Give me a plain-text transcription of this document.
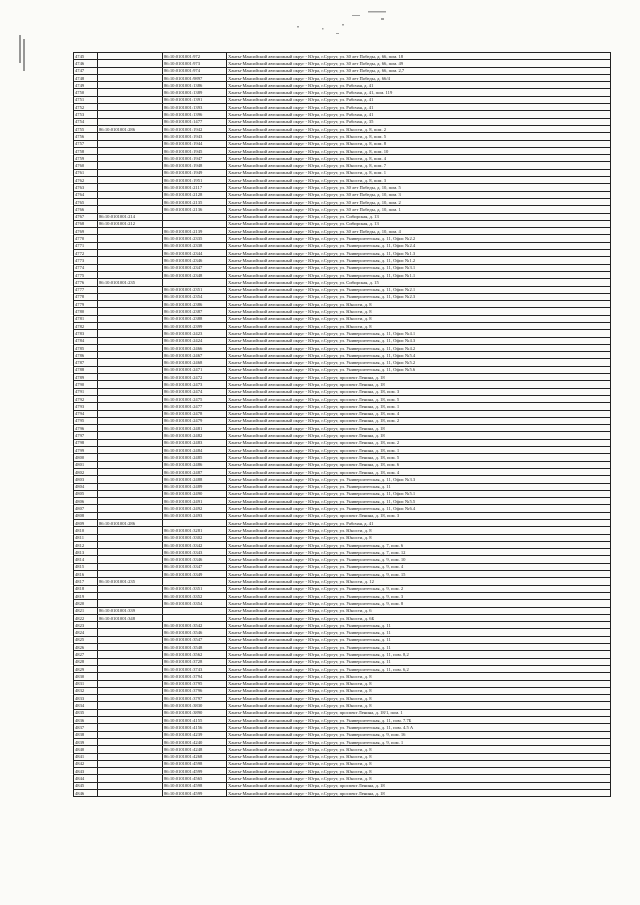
4745		86:10:0101001:972	Ханты-Мансийский автономный округ - Югра, г.Сургут, ул. 30 лет Победы, д. 66, пом. 18
4746		86:10:0101001:973	Ханты-Мансийский автономный округ - Югра, г.Сургут, ул. 30 лет Победы, д. 66, пом. 49
4747		86:10:0101001:974	Ханты-Мансийский автономный округ - Югра, г.Сургут, ул. 30 лет Победы, д. 66, пом. 2,7
4748		86:10:0101001:9897	Ханты-Мансийский автономный округ - Югра, г.Сургут, ул. 30 лет Победы, д. 66/4
4749		86:10:0101001:1386	Ханты-Мансийский автономный округ - Югра, г.Сургут, ул. Рабочая, д. 41
4750		86:10:0101001:1389	Ханты-Мансийский автономный округ - Югра, г.Сургут, ул. Рабочая, д. 41, пом. 119
4751		86:10:0101001:1391	Ханты-Мансийский автономный округ - Югра, г.Сургут, ул. Рабочая, д. 41
4752		86:10:0101001:1393	Ханты-Мансийский автономный округ - Югра, г.Сургут, ул. Рабочая, д. 41
4753		86:10:0101001:1396	Ханты-Мансийский автономный округ - Югра, г.Сургут, ул. Рабочая, д. 41
4754		86:10:0101001:1477	Ханты-Мансийский автономный округ - Югра, г.Сургут, ул. Рабочая, д. 35
4755	86:10:0101001:286	86:10:0101001:1942	Ханты-Мансийский автономный округ - Югра, г.Сургут, ул. Юности, д. 8, пом. 2
4756		86:10:0101001:1943	Ханты-Мансийский автономный округ - Югра, г.Сургут, ул. Юности, д. 8, пом. 5
4757		86:10:0101001:1944	Ханты-Мансийский автономный округ - Югра, г.Сургут, ул. Юности, д. 8, пом. 8
4758		86:10:0101001:1945	Ханты-Мансийский автономный округ - Югра, г.Сургут, ул. Юности, д. 8, пом. 10
4759		86:10:0101001:1947	Ханты-Мансийский автономный округ - Югра, г.Сургут, ул. Юности, д. 8, пом. 4
4760		86:10:0101001:1948	Ханты-Мансийский автономный округ - Югра, г.Сургут, ул. Юности, д. 8, пом. 7
4761		86:10:0101001:1949	Ханты-Мансийский автономный округ - Югра, г.Сургут, ул. Юности, д. 8, пом. 1
4762		86:10:0101001:1951	Ханты-Мансийский автономный округ - Югра, г.Сургут, ул. Юности, д. 8, пом. 3
4763		86:10:0101001:2117	Ханты-Мансийский автономный округ - Югра, г.Сургут, ул. 30 лет Победы, д. 10, пом. 5
4764		86:10:0101001:2128	Ханты-Мансийский автономный округ - Югра, г.Сургут, ул. 30 лет Победы, д. 10, пом. 3
4765		86:10:0101001:2135	Ханты-Мансийский автономный округ - Югра, г.Сургут, ул. 30 лет Победы, д. 10, пом. 2
4766		86:10:0101001:2136	Ханты-Мансийский автономный округ - Югра, г.Сургут, ул. 30 лет Победы, д. 10, пом. 1
4767	86:10:0101001:214		Ханты-Мансийский автономный округ - Югра, г.Сургут, ул. Сибирская, д. 13
4768	86:10:0101001:212		Ханты-Мансийский автономный округ - Югра, г.Сургут, ул. Сибирская, д. 13
4769		86:10:0101001:2139	Ханты-Мансийский автономный округ - Югра, г.Сургут, ул. 30 лет Победы, д. 10, пом. 4
4770		86:10:0101001:2335	Ханты-Мансийский автономный округ - Югра, г.Сургут, ул. Университетская, д. 11, Офис №2.2
4771		86:10:0101001:2338	Ханты-Мансийский автономный округ - Югра, г.Сургут, ул. Университетская, д. 11, Офис №2.4
4772		86:10:0101001:2344	Ханты-Мансийский автономный округ - Югра, г.Сургут, ул. Университетская, д. 11, Офис №1.3
4773		86:10:0101001:2346	Ханты-Мансийский автономный округ - Югра, г.Сургут, ул. Университетская, д. 11, Офис №1.2
4774		86:10:0101001:2347	Ханты-Мансийский автономный округ - Югра, г.Сургут, ул. Университетская, д. 11, Офис №3.1
4775		86:10:0101001:2348	Ханты-Мансийский автономный округ - Югра, г.Сургут, ул. Университетская, д. 11, Офис №1.1
4776	86:10:0101001:235		Ханты-Мансийский автономный округ - Югра, г.Сургут, ул. Сибирская, д. 15
4777		86:10:0101001:2351	Ханты-Мансийский автономный округ - Югра, г.Сургут, ул. Университетская, д. 11, Офис №2.1
4778		86:10:0101001:2354	Ханты-Мансийский автономный округ - Югра, г.Сургут, ул. Университетская, д. 11, Офис №2.3
4779		86:10:0101001:2386	Ханты-Мансийский автономный округ - Югра, г.Сургут, ул. Юности, д. 8
4780		86:10:0101001:2387	Ханты-Мансийский автономный округ - Югра, г.Сургут, ул. Юности, д. 8
4781		86:10:0101001:2388	Ханты-Мансийский автономный округ - Югра, г.Сургут, ул. Юности, д. 8
4782		86:10:0101001:2399	Ханты-Мансийский автономный округ - Югра, г.Сургут, ул. Юности, д. 8
4783		86:10:0101001:2423	Ханты-Мансийский автономный округ - Югра, г.Сургут, ул. Университетская, д. 11, Офис №4.1
4784		86:10:0101001:2424	Ханты-Мансийский автономный округ - Югра, г.Сургут, ул. Университетская, д. 11, Офис №4.3
4785		86:10:0101001:2466	Ханты-Мансийский автономный округ - Югра, г.Сургут, ул. Университетская, д. 11, Офис №4.2
4786		86:10:0101001:2467	Ханты-Мансийский автономный округ - Югра, г.Сургут, ул. Университетская, д. 11, Офис №5.4
4787		86:10:0101001:2468	Ханты-Мансийский автономный округ - Югра, г.Сургут, ул. Университетская, д. 11, Офис №5.2
4788		86:10:0101001:2471	Ханты-Мансийский автономный округ - Югра, г.Сургут, ул. Университетская, д. 11, Офис №5.6
4789		86:10:0101001:2472	Ханты-Мансийский автономный округ - Югра, г.Сургут, проспект Ленина, д. 18
4790		86:10:0101001:2473	Ханты-Мансийский автономный округ - Югра, г.Сургут, проспект Ленина, д. 18
4791		86:10:0101001:2474	Ханты-Мансийский автономный округ - Югра, г.Сургут, проспект Ленина, д. 18, пом. 3
4792		86:10:0101001:2475	Ханты-Мансийский автономный округ - Югра, г.Сургут, проспект Ленина, д. 18, пом. 5
4793		86:10:0101001:2477	Ханты-Мансийский автономный округ - Югра, г.Сургут, проспект Ленина, д. 18, пом. 1
4794		86:10:0101001:2478	Ханты-Мансийский автономный округ - Югра, г.Сургут, проспект Ленина, д. 18, пом. 4
4795		86:10:0101001:2479	Ханты-Мансийский автономный округ - Югра, г.Сургут, проспект Ленина, д. 18, пом. 2
4796		86:10:0101001:2481	Ханты-Мансийский автономный округ - Югра, г.Сургут, проспект Ленина, д. 18
4797		86:10:0101001:2482	Ханты-Мансийский автономный округ - Югра, г.Сургут, проспект Ленина, д. 18
4798		86:10:0101001:2483	Ханты-Мансийский автономный округ - Югра, г.Сургут, проспект Ленина, д. 18, пом. 2
4799		86:10:0101001:2484	Ханты-Мансийский автономный округ - Югра, г.Сургут, проспект Ленина, д. 18, пом. 1
4800		86:10:0101001:2485	Ханты-Мансийский автономный округ - Югра, г.Сургут, проспект Ленина, д. 18, пом. 5
4801		86:10:0101001:2486	Ханты-Мансийский автономный округ - Югра, г.Сургут, проспект Ленина, д. 18, пом. 6
4802		86:10:0101001:2487	Ханты-Мансийский автономный округ - Югра, г.Сургут, проспект Ленина, д. 18, пом. 4
4803		86:10:0101001:2488	Ханты-Мансийский автономный округ - Югра, г.Сургут, ул. Университетская, д. 11, Офис №3.3
4804		86:10:0101001:2489	Ханты-Мансийский автономный округ - Югра, г.Сургут, ул. Университетская, д. 11
4805		86:10:0101001:2490	Ханты-Мансийский автономный округ - Югра, г.Сургут, ул. Университетская, д. 11, Офис №5.1
4806		86:10:0101001:2491	Ханты-Мансийский автономный округ - Югра, г.Сургут, ул. Университетская, д. 11, Офис №5.5
4807		86:10:0101001:2492	Ханты-Мансийский автономный округ - Югра, г.Сургут, ул. Университетская, д. 11, Офис №6.4
4808		86:10:0101001:2493	Ханты-Мансийский автономный округ - Югра, г.Сургут, проспект Ленина, д. 18, пом. 3
4809	86:10:0101001:286		Ханты-Мансийский автономный округ - Югра, г.Сургут, ул. Рабочая, д. 41
4810		86:10:0101001:3281	Ханты-Мансийский автономный округ - Югра, г.Сургут, ул. Юности, д. 8
4811		86:10:0101001:3302	Ханты-Мансийский автономный округ - Югра, г.Сургут, ул. Юности, д. 8
4812		86:10:0101001:3342	Ханты-Мансийский автономный округ - Югра, г.Сургут, ул. Университетская, д. 7, пом. 6
4813		86:10:0101001:3343	Ханты-Мансийский автономный округ - Югра, г.Сургут, ул. Университетская, д. 7, пом. 12
4814		86:10:0101001:3346	Ханты-Мансийский автономный округ - Югра, г.Сургут, ул. Университетская, д. 9, пом. 10
4815		86:10:0101001:3347	Ханты-Мансийский автономный округ - Югра, г.Сургут, ул. Университетская, д. 9, пом. 4
4816		86:10:0101001:3349	Ханты-Мансийский автономный округ - Югра, г.Сургут, ул. Университетская, д. 9, пом. 15
4817	86:10:0101001:235		Ханты-Мансийский автономный округ - Югра, г.Сургут, ул. Юности, д. 12
4818		86:10:0101001:3351	Ханты-Мансийский автономный округ - Югра, г.Сургут, ул. Университетская, д. 9, пом. 2
4819		86:10:0101001:3352	Ханты-Мансийский автономный округ - Югра, г.Сургут, ул. Университетская, д. 9, пом. 3
4820		86:10:0101001:3354	Ханты-Мансийский автономный округ - Югра, г.Сургут, ул. Университетская, д. 9, пом. 8
4821	86:10:0101001:339		Ханты-Мансийский автономный округ - Югра, г.Сургут, ул. Юности, д. 6
4822	86:10:0101001:348		Ханты-Мансийский автономный округ - Югра, г.Сургут, ул. Юности, д. 6Б
4823		86:10:0101001:3542	Ханты-Мансийский автономный округ - Югра, г.Сургут, ул. Университетская, д. 11
4824		86:10:0101001:3546	Ханты-Мансийский автономный округ - Югра, г.Сургут, ул. Университетская, д. 11
4825		86:10:0101001:3547	Ханты-Мансийский автономный округ - Югра, г.Сургут, ул. Университетская, д. 11
4826		86:10:0101001:3548	Ханты-Мансийский автономный округ - Югра, г.Сургут, ул. Университетская, д. 11
4827		86:10:0101001:3562	Ханты-Мансийский автономный округ - Югра, г.Сургут, ул. Университетская, д. 11, пом. 8,2
4828		86:10:0101001:3728	Ханты-Мансийский автономный округ - Югра, г.Сургут, ул. Университетская, д. 11
4829		86:10:0101001:3743	Ханты-Мансийский автономный округ - Югра, г.Сургут, ул. Университетская, д. 11, пом. 6,2
4830		86:10:0101001:3794	Ханты-Мансийский автономный округ - Югра, г.Сургут, ул. Юности, д. 8
4831		86:10:0101001:3795	Ханты-Мансийский автономный округ - Югра, г.Сургут, ул. Юности, д. 8
4832		86:10:0101001:3796	Ханты-Мансийский автономный округ - Югра, г.Сургут, ул. Юности, д. 8
4833		86:10:0101001:3797	Ханты-Мансийский автономный округ - Югра, г.Сургут, ул. Юности, д. 8
4834		86:10:0101001:3830	Ханты-Мансийский автономный округ - Югра, г.Сургут, ул. Юности, д. 8
4835		86:10:0101001:3890	Ханты-Мансийский автономный округ - Югра, г.Сургут, проспект Ленина, д. 18/1, пом. 1
4836		86:10:0101001:4155	Ханты-Мансийский автономный округ - Югра, г.Сургут, ул. Университетская, д. 11, пом. 7.7Б
4837		86:10:0101001:4156	Ханты-Мансийский автономный округ - Югра, г.Сургут, ул. Университетская, д. 11, пом. 4.5 А
4838		86:10:0101001:4239	Ханты-Мансийский автономный округ - Югра, г.Сургут, ул. Университетская, д. 9, пом. 16
4839		86:10:0101001:4240	Ханты-Мансийский автономный округ - Югра, г.Сургут, ул. Университетская, д. 9, пом. 1
4840		86:10:0101001:4248	Ханты-Мансийский автономный округ - Югра, г.Сургут, ул. Юности, д. 8
4841		86:10:0101001:4268	Ханты-Мансийский автономный округ - Югра, г.Сургут, ул. Юности, д. 8
4842		86:10:0101001:4598	Ханты-Мансийский автономный округ - Югра, г.Сургут, ул. Юности, д. 8
4843		86:10:0101001:4599	Ханты-Мансийский автономный округ - Югра, г.Сургут, ул. Юности, д. 8
4844		86:10:0101001:4565	Ханты-Мансийский автономный округ - Югра, г.Сургут, ул. Юности, д. 8
4845		86:10:0101001:4598	Ханты-Мансийский автономный округ - Югра, г.Сургут, проспект Ленина, д. 18
4846		86:10:0101001:4599	Ханты-Мансийский автономный округ - Югра, г.Сургут, проспект Ленина, д. 18
